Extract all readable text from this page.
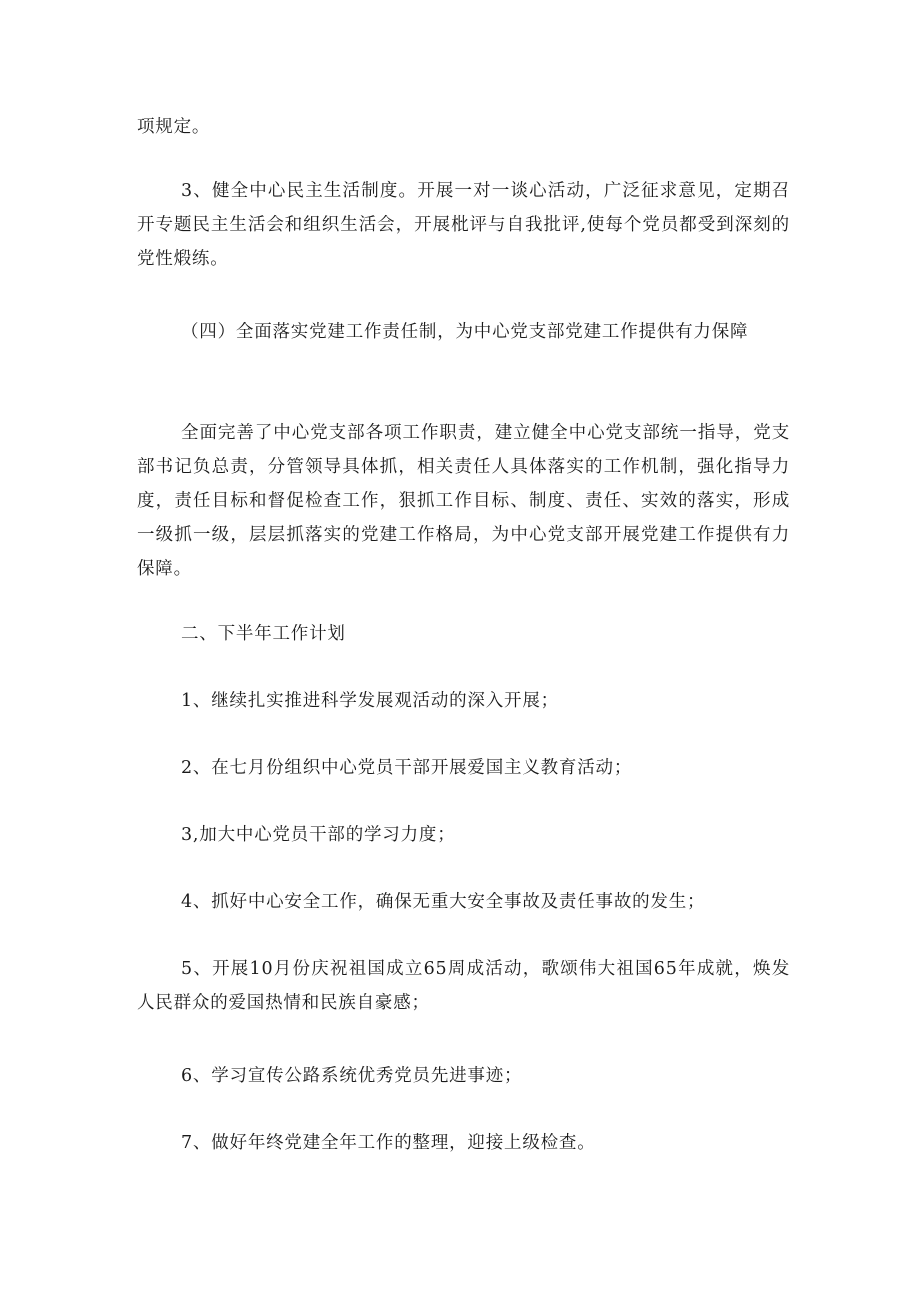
项规定。

3、健全中心民主生活制度。开展一对一谈心活动，广泛征求意见，定期召开专题民主生活会和组织生活会，开展枇评与自我批评,使每个党员都受到深刻的党性煅练。

（四）全面落实党建工作责任制，为中心党支部党建工作提供有力保障

全面完善了中心党支部各项工作职责，建立健全中心党支部统一指导，党支部书记负总责，分管领导具体抓，相关责任人具体落实的工作机制，强化指导力度，责任目标和督促检查工作，狠抓工作目标、制度、责任、实效的落实，形成一级抓一级，层层抓落实的党建工作格局，为中心党支部开展党建工作提供有力保障。

二、下半年工作计划

1、继续扎实推进科学发展观活动的深入开展；

2、在七月份组织中心党员干部开展爱国主义教育活动；

3,加大中心党员干部的学习力度；

4、抓好中心安全工作，确保无重大安全事故及责任事故的发生；

5、开展10月份庆祝祖国成立65周成活动，歌颂伟大祖国65年成就，焕发人民群众的爱国热情和民族自豪感；

6、学习宣传公路系统优秀党员先进事迹；

7、做好年终党建全年工作的整理，迎接上级检查。
